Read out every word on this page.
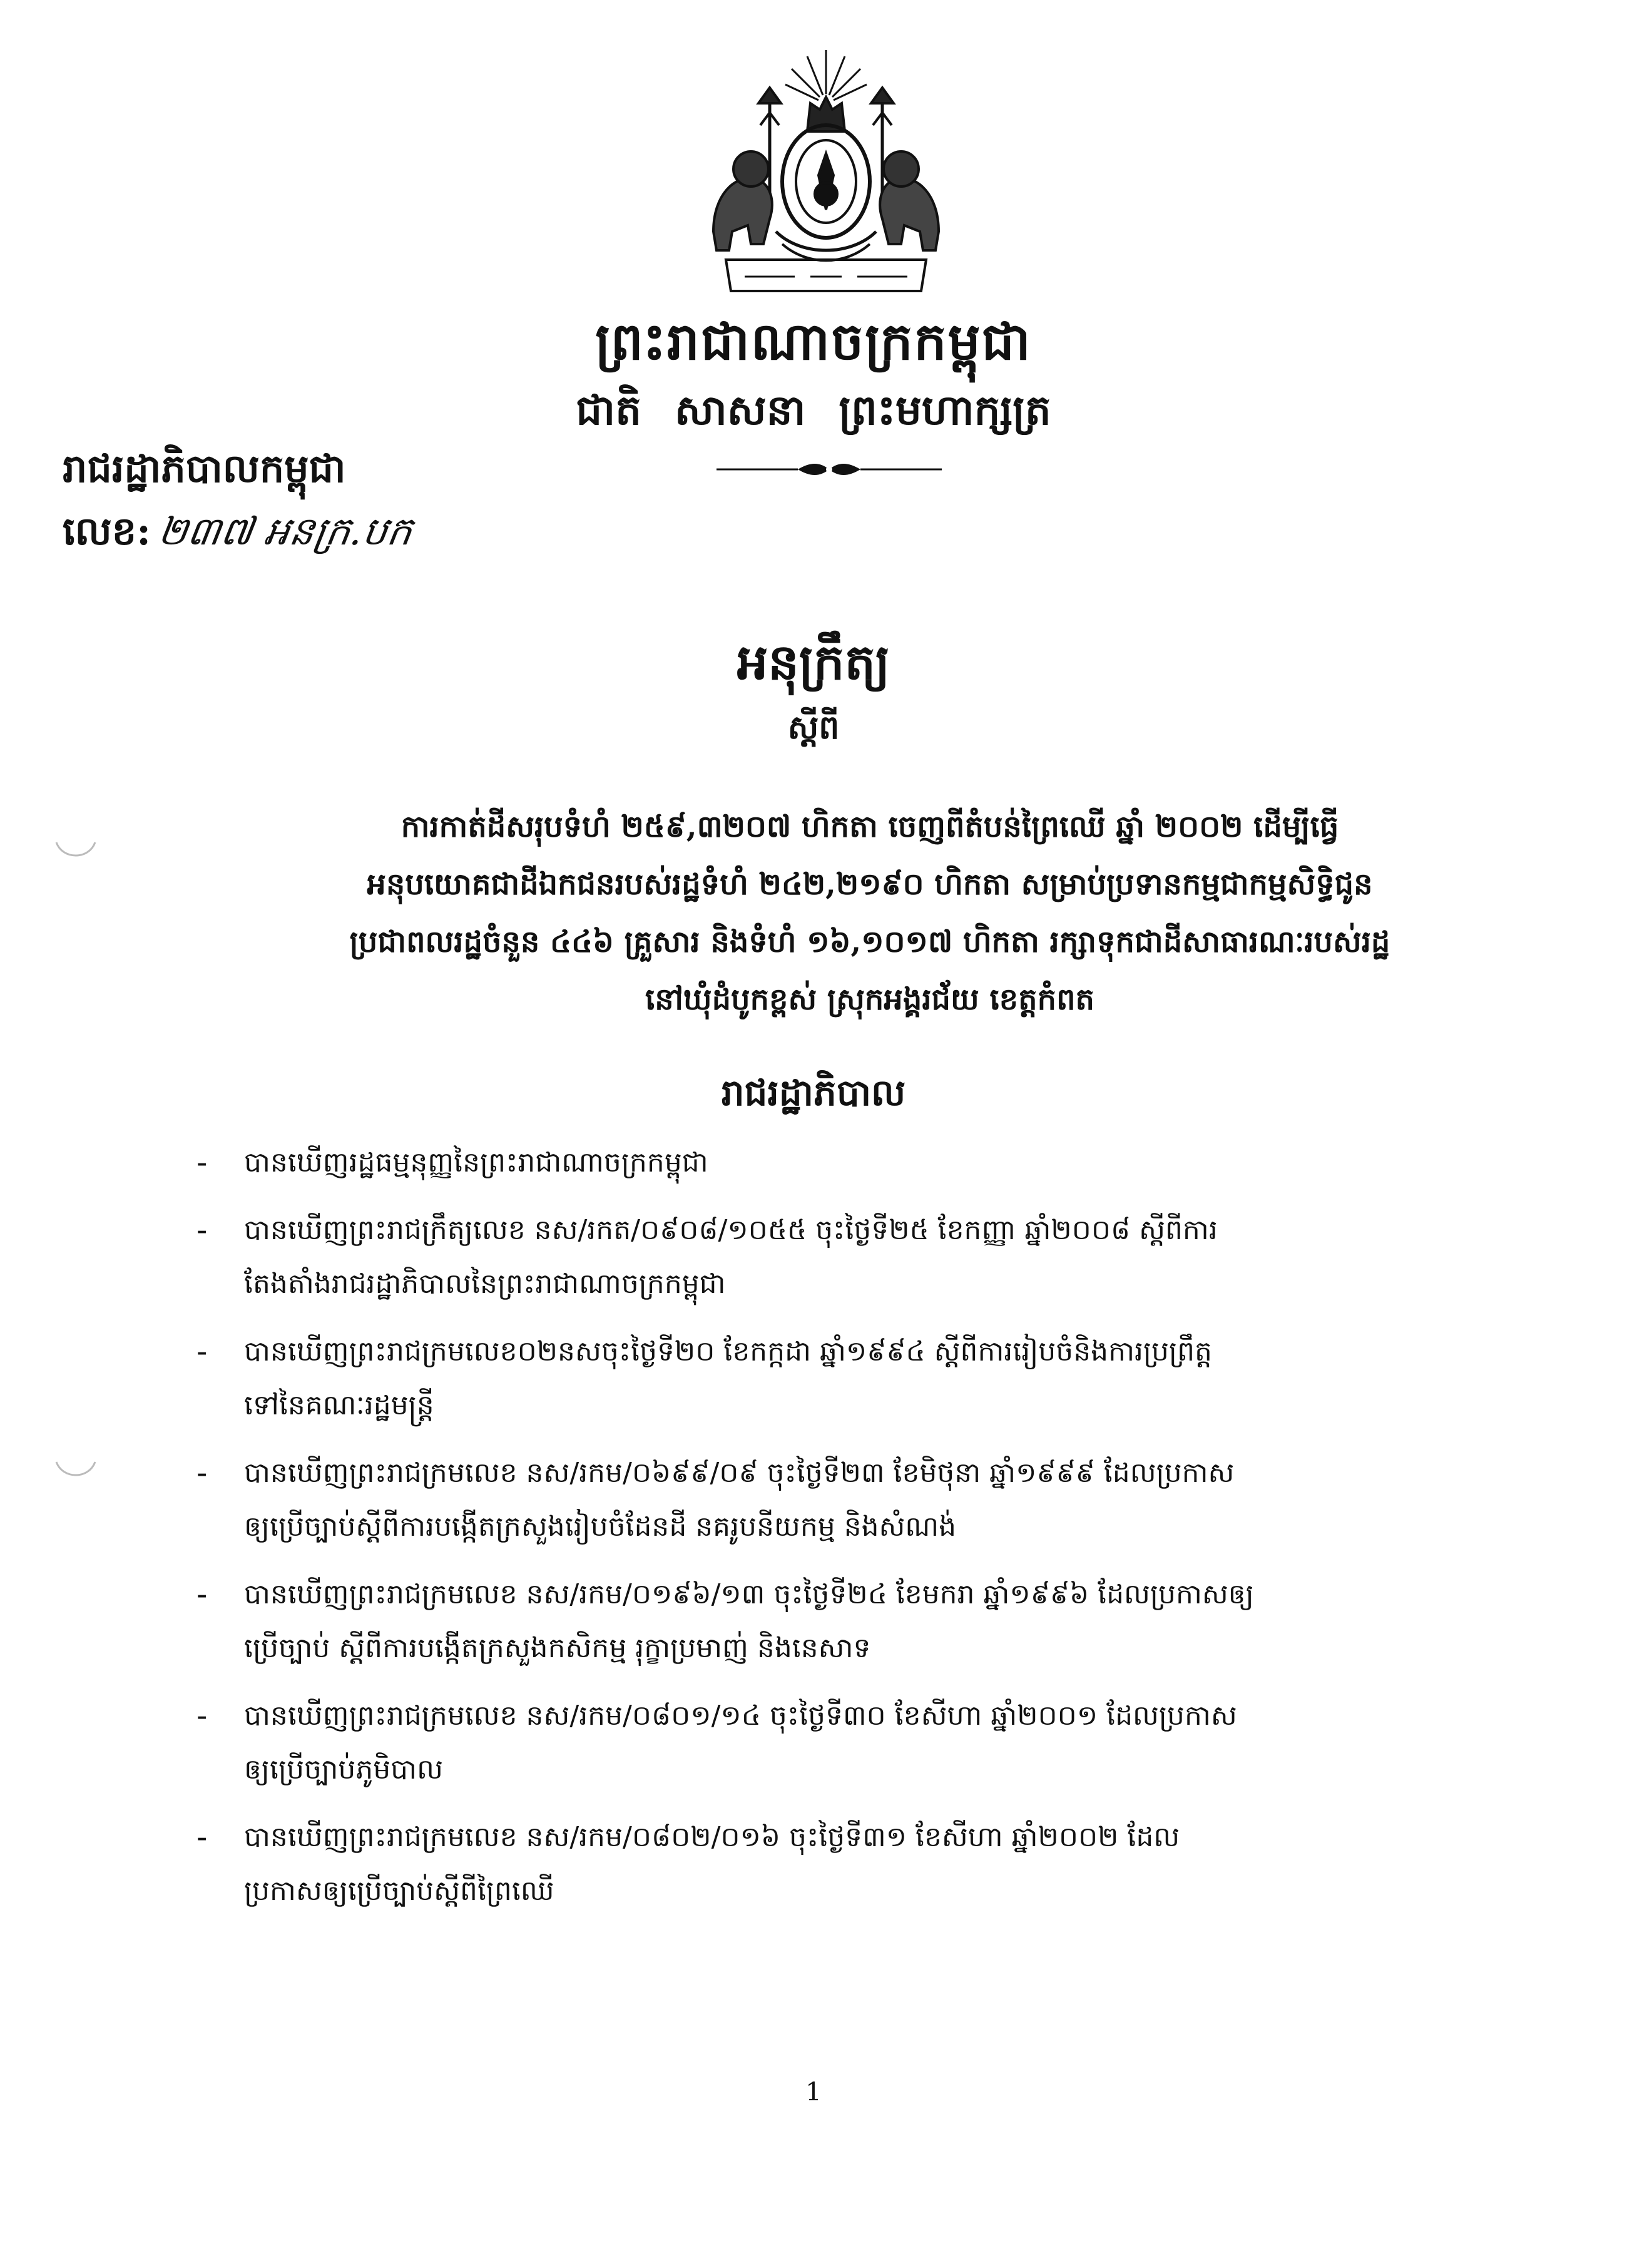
ព្រះរាជាណាចក្រកម្ពុជា
ជាតិ សាសនា ព្រះមហាក្សត្រ
រាជរដ្ឋាភិបាលកម្ពុជា
លេខ: ២៣៧ អនក្រ.បក
អនុក្រឹត្យ
ស្តីពី
ការកាត់ដីសរុបទំហំ ២៥៩,៣២០៧ ហិកតា ចេញពីតំបន់ព្រៃឈើ ឆ្នាំ ២០០២ ដើម្បីធ្វើ
អនុបយោគជាដីឯកជនរបស់រដ្ឋទំហំ ២៤២,២១៩០ ហិកតា សម្រាប់ប្រទានកម្មជាកម្មសិទ្ធិជូន
ប្រជាពលរដ្ឋចំនួន ៤៤៦ គ្រួសារ និងទំហំ ១៦,១០១៧ ហិកតា រក្សាទុកជាដីសាធារណៈរបស់រដ្ឋ
នៅឃុំដំបូកខ្ពស់ ស្រុកអង្គរជ័យ ខេត្តកំពត
រាជរដ្ឋាភិបាល
-	បានឃើញរដ្ឋធម្មនុញ្ញនៃព្រះរាជាណាចក្រកម្ពុជា
-	បានឃើញព្រះរាជក្រឹត្យលេខ នស/រកត/០៩០៨/១០៥៥ ចុះថ្ងៃទី២៥ ខែកញ្ញា ឆ្នាំ២០០៨ ស្តីពីការ
តែងតាំងរាជរដ្ឋាភិបាលនៃព្រះរាជាណាចក្រកម្ពុជា
-	បានឃើញព្រះរាជក្រមលេខ០២នសចុះថ្ងៃទី២០ ខែកក្កដា ឆ្នាំ១៩៩៤ ស្តីពីការរៀបចំនិងការប្រព្រឹត្ត
ទៅនៃគណៈរដ្ឋមន្ត្រី
-	បានឃើញព្រះរាជក្រមលេខ នស/រកម/០៦៩៩/០៩ ចុះថ្ងៃទី២៣ ខែមិថុនា ឆ្នាំ១៩៩៩ ដែលប្រកាស
ឲ្យប្រើច្បាប់ស្តីពីការបង្កើតក្រសួងរៀបចំដែនដី នគរូបនីយកម្ម និងសំណង់
-	បានឃើញព្រះរាជក្រមលេខ នស/រកម/០១៩៦/១៣ ចុះថ្ងៃទី២៤ ខែមករា ឆ្នាំ១៩៩៦ ដែលប្រកាសឲ្យ
ប្រើច្បាប់ ស្តីពីការបង្កើតក្រសួងកសិកម្ម រុក្ខាប្រមាញ់ និងនេសាទ
-	បានឃើញព្រះរាជក្រមលេខ នស/រកម/០៨០១/១៤ ចុះថ្ងៃទី៣០ ខែសីហា ឆ្នាំ២០០១ ដែលប្រកាស
ឲ្យប្រើច្បាប់ភូមិបាល
-	បានឃើញព្រះរាជក្រមលេខ នស/រកម/០៨០២/០១៦ ចុះថ្ងៃទី៣១ ខែសីហា ឆ្នាំ២០០២ ដែល
ប្រកាសឲ្យប្រើច្បាប់ស្តីពីព្រៃឈើ
1
